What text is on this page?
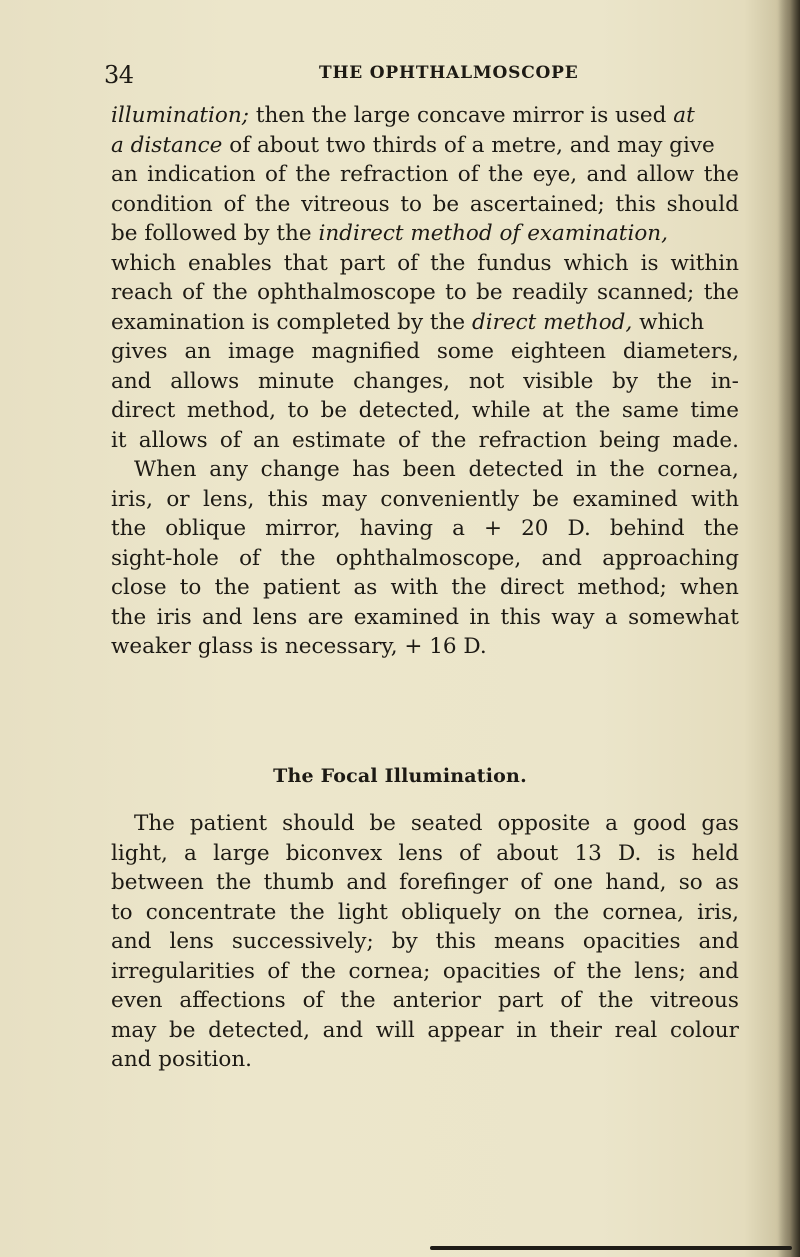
34	THE OPHTHALMOSCOPE
illumination; then the large concave mirror is used at
a distance of about two thirds of a metre, and may give
an indication of the refraction of the eye, and allow the
condition of the vitreous to be ascertained; this should
be followed by the indirect method of examination,
which enables that part of the fundus which is within
reach of the ophthalmoscope to be readily scanned; the
examination is completed by the direct method, which
gives an image magnified some eighteen diameters,
and allows minute changes, not visible by the in-
direct method, to be detected, while at the same time
it allows of an estimate of the refraction being made.
When any change has been detected in the cornea,
iris, or lens, this may conveniently be examined with
the oblique mirror, having a + 20 D. behind the
sight-hole of the ophthalmoscope, and approaching
close to the patient as with the direct method; when
the iris and lens are examined in this way a somewhat
weaker glass is necessary, + 16 D.
The Focal Illumination.
The patient should be seated opposite a good gas
light, a large biconvex lens of about 13 D. is held
between the thumb and forefinger of one hand, so as
to concentrate the light obliquely on the cornea, iris,
and lens successively; by this means opacities and
irregularities of the cornea; opacities of the lens; and
even affections of the anterior part of the vitreous
may be detected, and will appear in their real colour
and position.
